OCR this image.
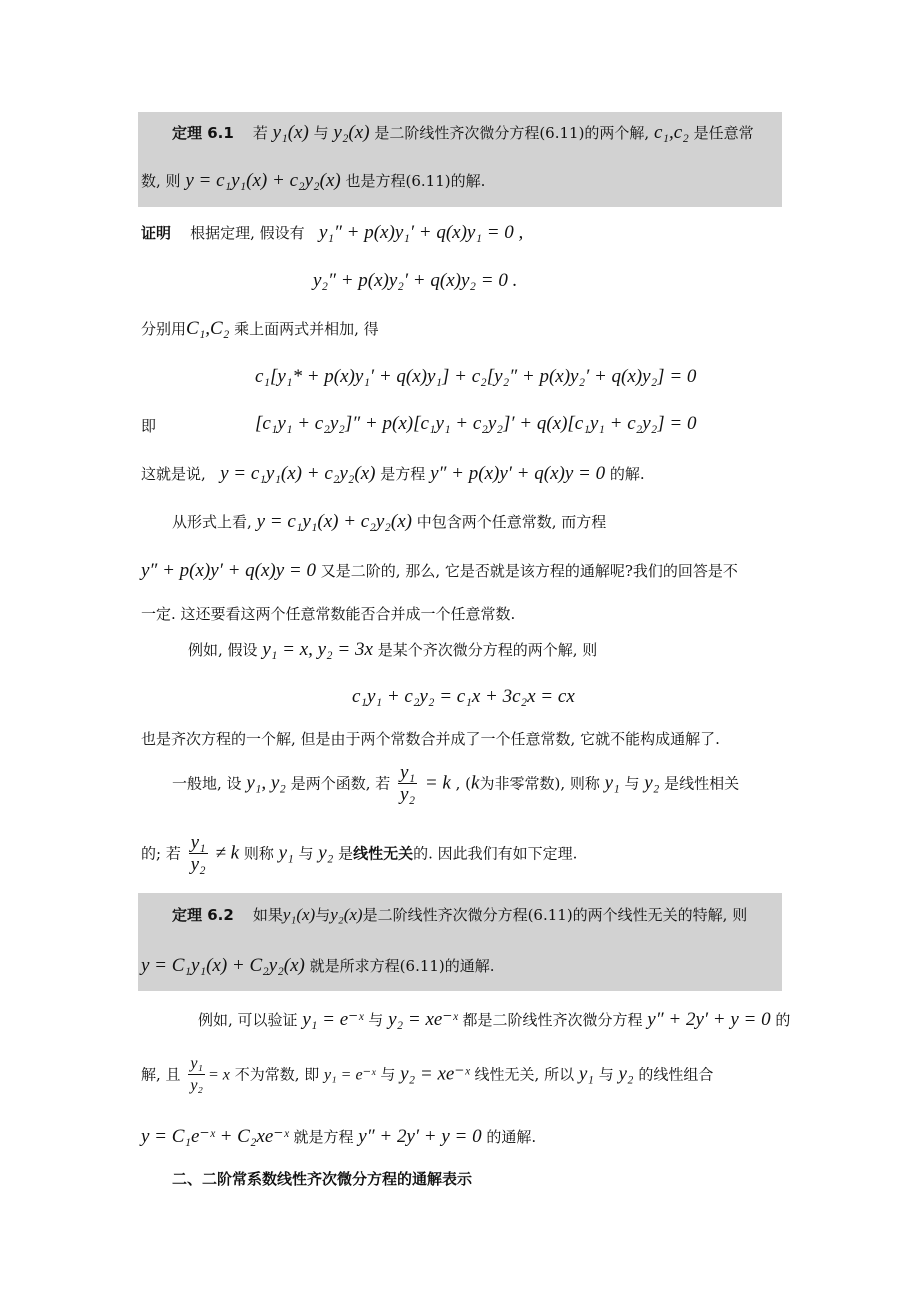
定理 6.1 若 y₁(x) 与 y₂(x) 是二阶线性齐次微分方程(6.11)的两个解, c₁,c₂ 是任意常
数, 则 y = c₁y₁(x) + c₂y₂(x) 也是方程(6.11)的解.
证明 根据定理, 假设有 y₁″ + p(x)y₁′ + q(x)y₁ = 0 ,
y₂″ + p(x)y₂′ + q(x)y₂ = 0 .
分别用C₁,C₂ 乘上面两式并相加, 得
c₁[y₁* + p(x)y₁′ + q(x)y₁] + c₂[y₂″ + p(x)y₂′ + q(x)y₂] = 0
即	[c₁y₁ + c₂y₂]″ + p(x)[c₁y₁ + c₂y₂]′ + q(x)[c₁y₁ + c₂y₂] = 0
这就是说, y = c₁y₁(x) + c₂y₂(x) 是方程 y″ + p(x)y′ + q(x)y = 0 的解.
从形式上看, y = c₁y₁(x) + c₂y₂(x) 中包含两个任意常数, 而方程
y″ + p(x)y′ + q(x)y = 0 又是二阶的, 那么, 它是否就是该方程的通解呢?我们的回答是不
一定. 这还要看这两个任意常数能否合并成一个任意常数.
例如, 假设 y₁ = x, y₂ = 3x 是某个齐次微分方程的两个解, 则
c₁y₁ + c₂y₂ = c₁x + 3c₂x = cx
也是齐次方程的一个解, 但是由于两个常数合并成了一个任意常数, 它就不能构成通解了.
一般地, 设 y₁, y₂ 是两个函数, 若 $\frac{\text{y₁}}{\text{y₂}} = k$ , (k为非零常数), 则称 y₁ 与 y₂ 是线性相关
的; 若 $\frac{\text{y₁}}{\text{y₂}} \ne k$ 则称 y₁ 与 y₂ 是线性无关的. 因此我们有如下定理.
定理 6.2 如果y₁(x)与y₂(x)是二阶线性齐次微分方程(6.11)的两个线性无关的特解, 则
y = C₁y₁(x) + C₂y₂(x) 就是所求方程(6.11)的通解.
例如, 可以验证 y₁ = e⁻ˣ 与 y₂ = xe⁻ˣ 都是二阶线性齐次微分方程 y″ + 2y′ + y = 0 的
解, 且 $\frac{\text{y₁}}{\text{y₂}} = x$ 不为常数, 即 y₁ = e⁻ˣ 与 y₂ = xe⁻ˣ 线性无关, 所以 y₁ 与 y₂ 的线性组合
y = C₁e⁻ˣ + C₂xe⁻ˣ 就是方程 y″ + 2y′ + y = 0 的通解.
二、二阶常系数线性齐次微分方程的通解表示
